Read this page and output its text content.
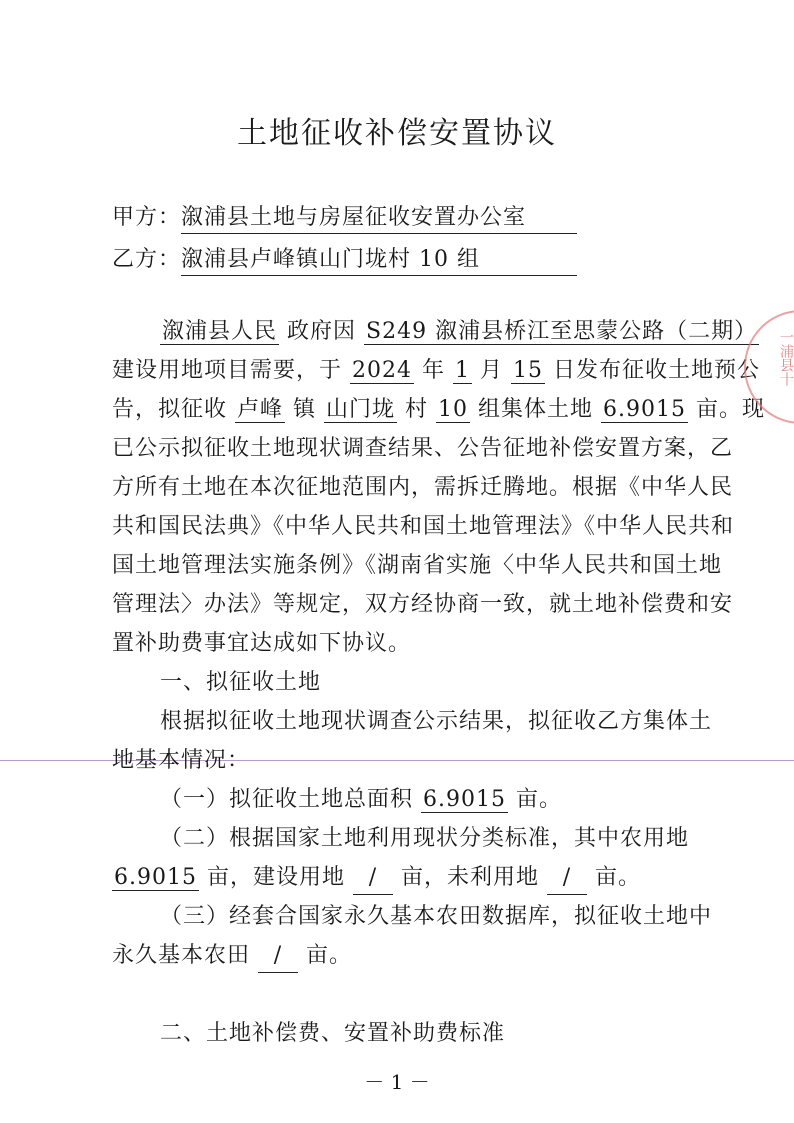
土地征收补偿安置协议
甲方：溆浦县土地与房屋征收安置办公室
乙方：溆浦县卢峰镇山门垅村 10 组
溆浦县人民 政府因 S249 溆浦县桥江至思蒙公路（二期）
建设用地项目需要，于 2024 年 1 月 15 日发布征收土地预公
告，拟征收 卢峰 镇 山门垅 村 10 组集体土地 6.9015 亩。现
已公示拟征收土地现状调查结果、公告征地补偿安置方案，乙
方所有土地在本次征地范围内，需拆迁腾地。根据《中华人民
共和国民法典》《中华人民共和国土地管理法》《中华人民共和
国土地管理法实施条例》《湖南省实施〈中华人民共和国土地
管理法〉办法》等规定，双方经协商一致，就土地补偿费和安
置补助费事宜达成如下协议。
一、拟征收土地
根据拟征收土地现状调查公示结果，拟征收乙方集体土
地基本情况：
（一）拟征收土地总面积 6.9015 亩。
（二）根据国家土地利用现状分类标准，其中农用地
6.9015 亩，建设用地 / 亩，未利用地 / 亩。
（三）经套合国家永久基本农田数据库，拟征收土地中
永久基本农田 / 亩。
一浦县十
二、土地补偿费、安置补助费标准
－ 1 －
